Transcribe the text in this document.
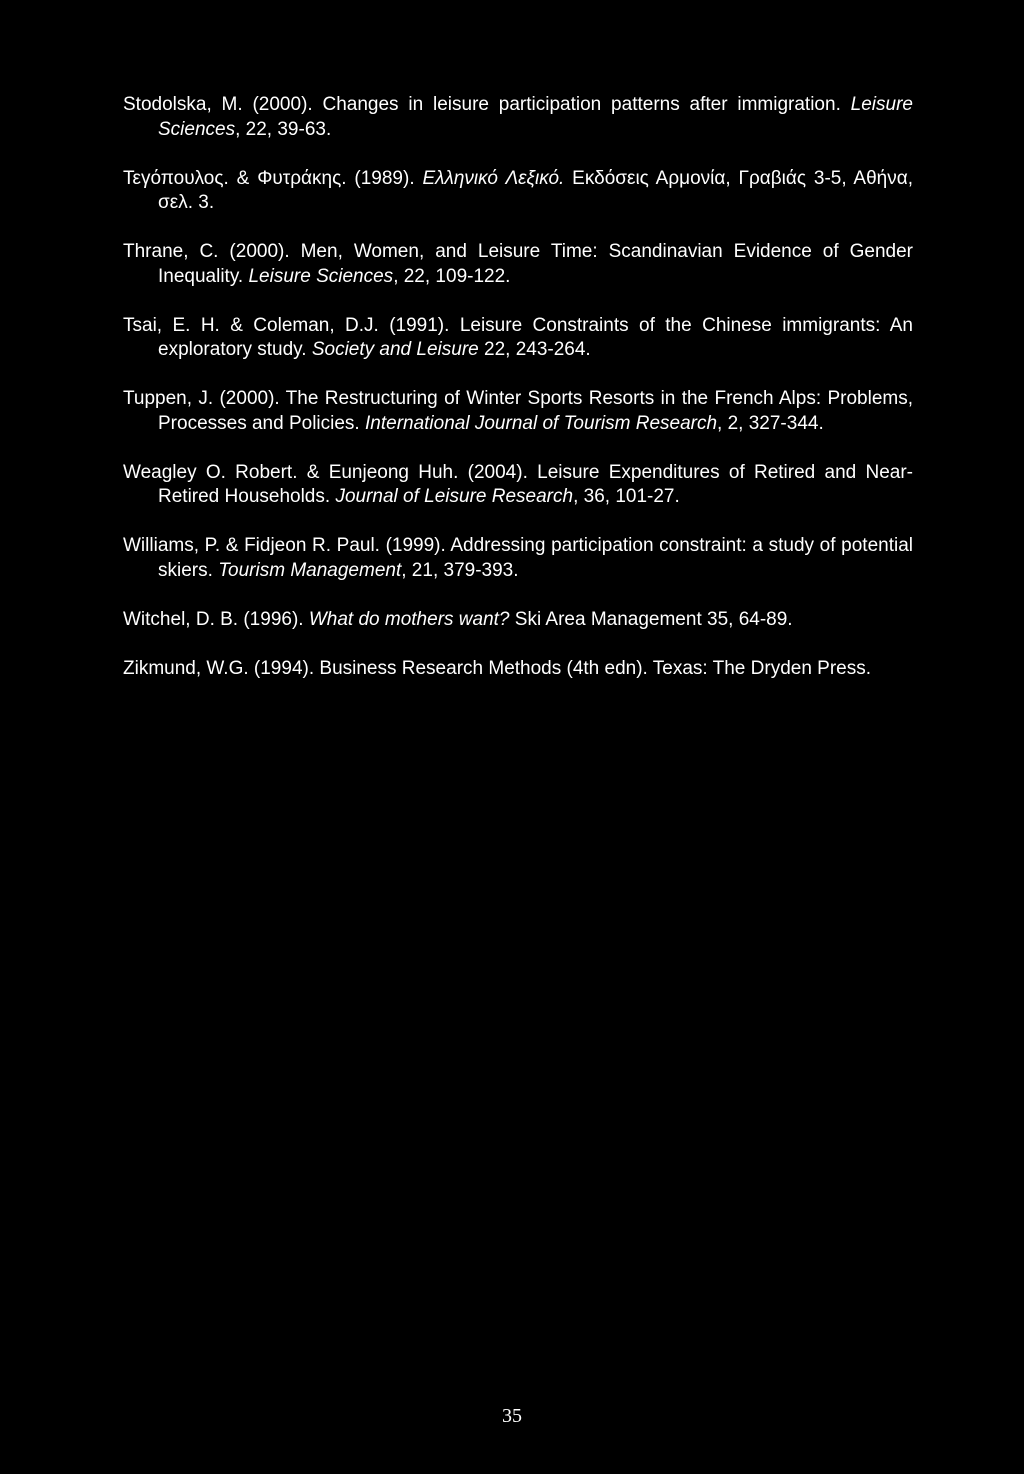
Stodolska, M. (2000). Changes in leisure participation patterns after immigration. Leisure Sciences, 22, 39-63.

Τεγόπουλος. & Φυτράκης. (1989). Ελληνικό Λεξικό. Εκδόσεις Αρμονία, Γραβιάς 3-5, Αθήνα, σελ. 3.

Thrane, C. (2000). Men, Women, and Leisure Time: Scandinavian Evidence of Gender Inequality. Leisure Sciences, 22, 109-122.

Tsai, E. H. & Coleman, D.J. (1991). Leisure Constraints of the Chinese immigrants: An exploratory study. Society and Leisure 22, 243-264.

Tuppen, J. (2000). The Restructuring of Winter Sports Resorts in the French Alps: Problems, Processes and Policies. International Journal of Tourism Research, 2, 327-344.

Weagley O. Robert. & Eunjeong Huh. (2004). Leisure Expenditures of Retired and Near-Retired Households. Journal of Leisure Research, 36, 101-27.

Williams, P. & Fidjeon R. Paul. (1999). Addressing participation constraint: a study of potential skiers. Tourism Management, 21, 379-393.

Witchel, D. B. (1996). What do mothers want? Ski Area Management 35, 64-89.

Zikmund, W.G. (1994). Business Research Methods (4th edn). Texas: The Dryden Press.

35
